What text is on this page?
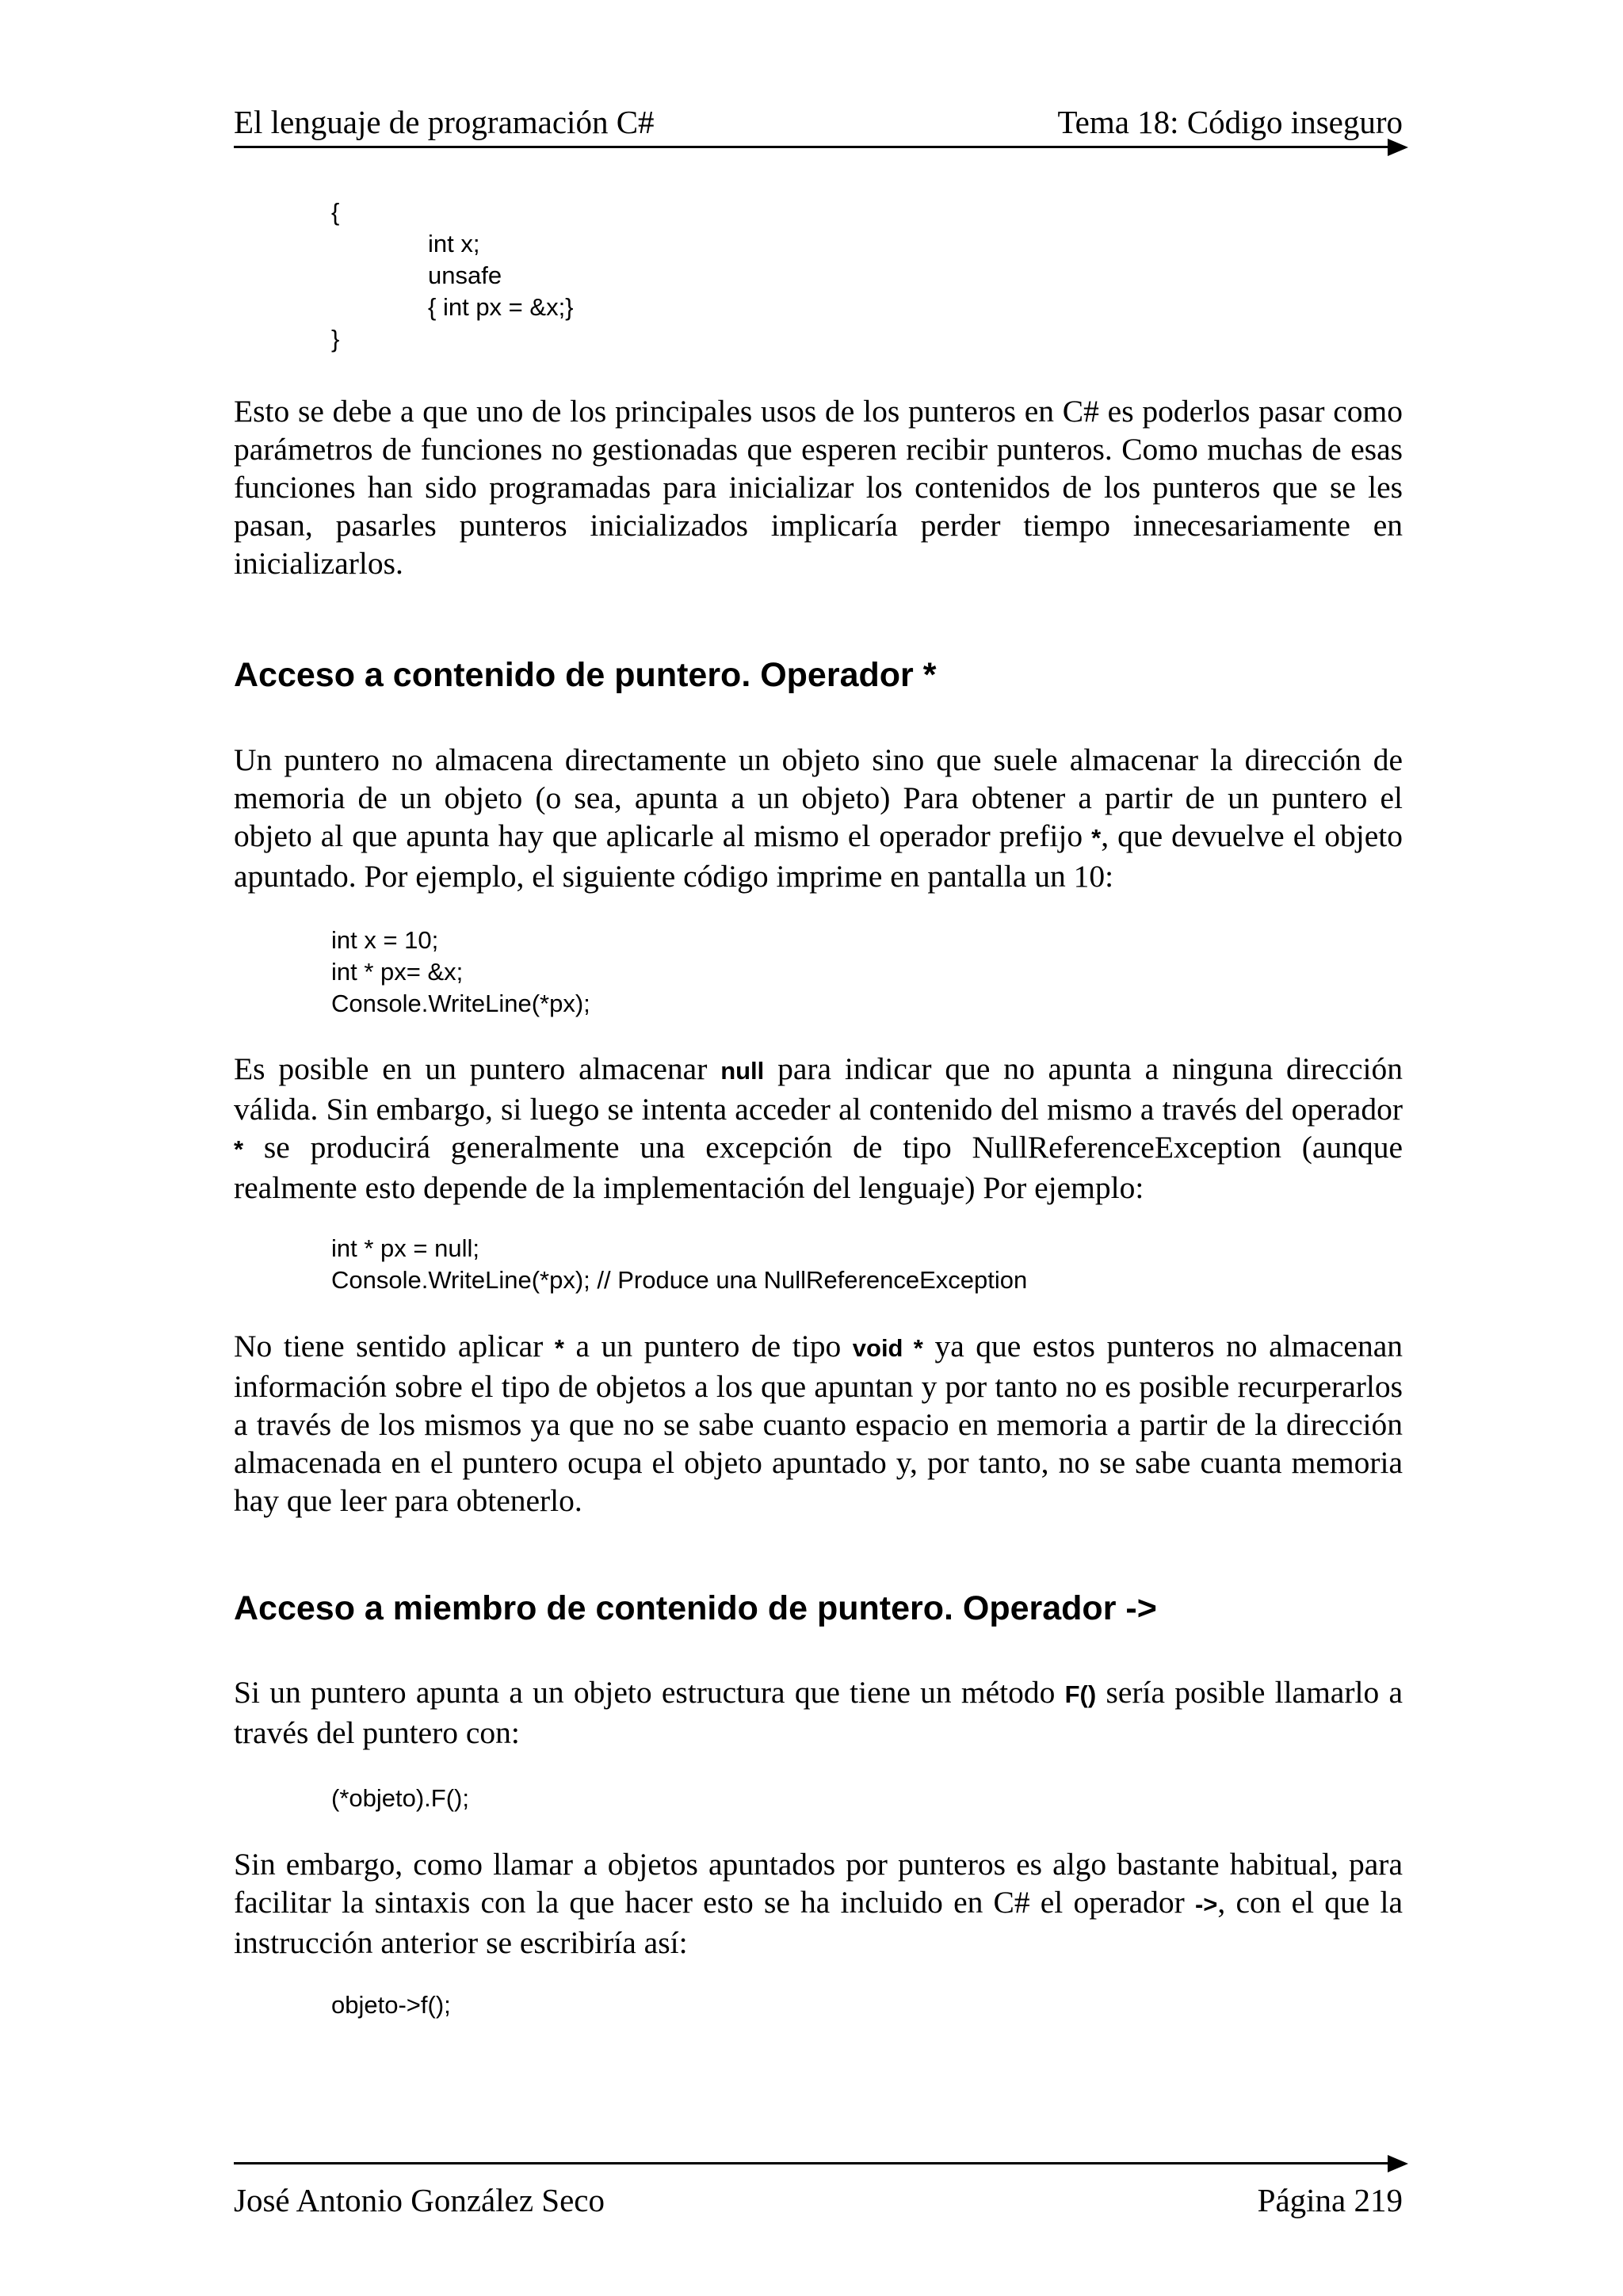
El lenguaje de programación C#	Tema 18: Código inseguro
{
int x;
unsafe
{ int px = &x;}
}
Esto se debe a que uno de los principales usos de los punteros en C# es poderlos pasar como parámetros de funciones no gestionadas que esperen recibir punteros. Como muchas de esas funciones han sido programadas para inicializar los contenidos de los punteros que se les pasan, pasarles punteros inicializados implicaría perder tiempo innecesariamente en inicializarlos.
Acceso a contenido de puntero. Operador *
Un puntero no almacena directamente un objeto sino que suele almacenar la dirección de memoria de un objeto (o sea, apunta a un objeto) Para obtener a partir de un puntero el objeto al que apunta hay que aplicarle al mismo el operador prefijo *, que devuelve el objeto apuntado. Por ejemplo, el siguiente código imprime en pantalla un 10:
int x = 10;
int * px= &x;
Console.WriteLine(*px);
Es posible en un puntero almacenar null para indicar que no apunta a ninguna dirección válida. Sin embargo, si luego se intenta acceder al contenido del mismo a través del operador * se producirá generalmente una excepción de tipo NullReferenceException (aunque realmente esto depende de la implementación del lenguaje) Por ejemplo:
int * px = null;
Console.WriteLine(*px); // Produce una NullReferenceException
No tiene sentido aplicar * a un puntero de tipo void * ya que estos punteros no almacenan información sobre el tipo de objetos a los que apuntan y por tanto no es posible recurperarlos a través de los mismos ya que no se sabe cuanto espacio en memoria a partir de la dirección almacenada en el puntero ocupa el objeto apuntado y, por tanto, no se sabe cuanta memoria hay que leer para obtenerlo.
Acceso a miembro de contenido de puntero. Operador ->
Si un puntero apunta a un objeto estructura que tiene un método F() sería posible llamarlo a través del puntero con:
(*objeto).F();
Sin embargo, como llamar a objetos apuntados por punteros es algo bastante habitual, para facilitar la sintaxis con la que hacer esto se ha incluido en C# el operador ->, con el que la instrucción anterior se escribiría así:
objeto->f();
José Antonio González Seco	Página 219
